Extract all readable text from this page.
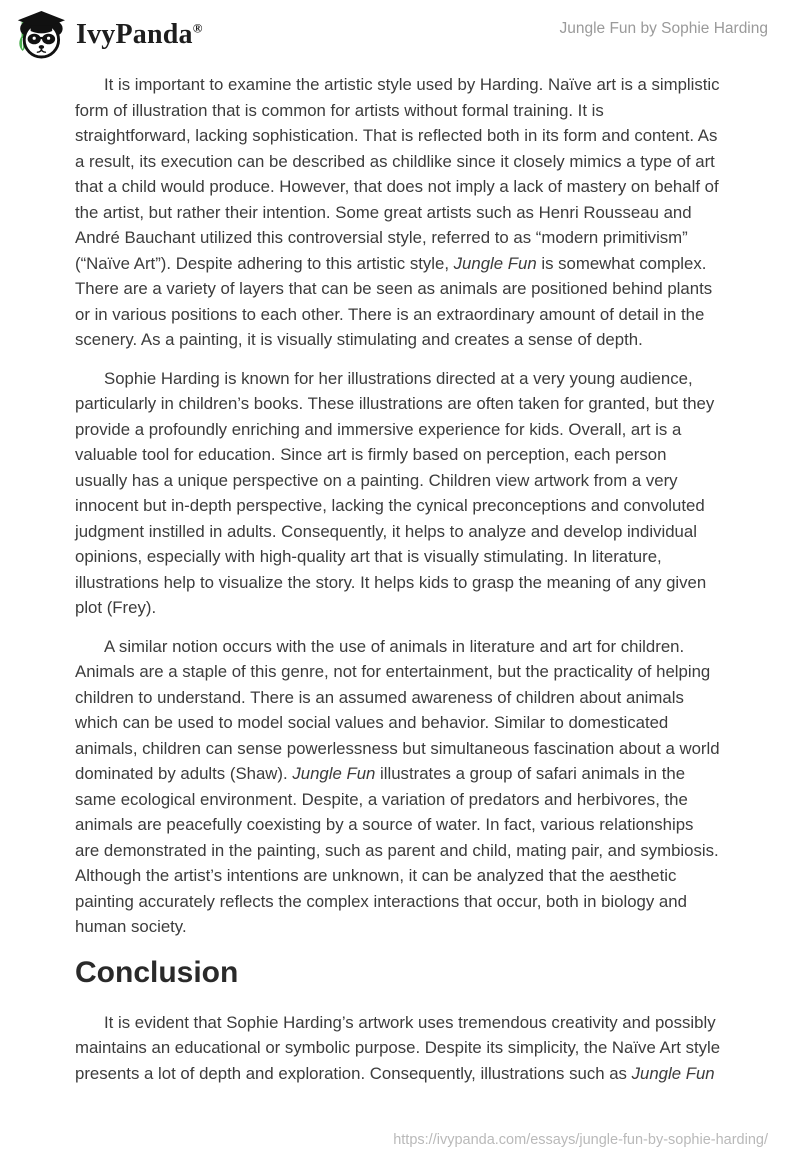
IvyPanda®	Jungle Fun by Sophie Harding

It is important to examine the artistic style used by Harding. Naïve art is a simplistic form of illustration that is common for artists without formal training. It is straightforward, lacking sophistication. That is reflected both in its form and content. As a result, its execution can be described as childlike since it closely mimics a type of art that a child would produce. However, that does not imply a lack of mastery on behalf of the artist, but rather their intention. Some great artists such as Henri Rousseau and André Bauchant utilized this controversial style, referred to as “modern primitivism” (“Naïve Art”). Despite adhering to this artistic style, Jungle Fun is somewhat complex. There are a variety of layers that can be seen as animals are positioned behind plants or in various positions to each other. There is an extraordinary amount of detail in the scenery. As a painting, it is visually stimulating and creates a sense of depth.

Sophie Harding is known for her illustrations directed at a very young audience, particularly in children’s books. These illustrations are often taken for granted, but they provide a profoundly enriching and immersive experience for kids. Overall, art is a valuable tool for education. Since art is firmly based on perception, each person usually has a unique perspective on a painting. Children view artwork from a very innocent but in-depth perspective, lacking the cynical preconceptions and convoluted judgment instilled in adults. Consequently, it helps to analyze and develop individual opinions, especially with high-quality art that is visually stimulating. In literature, illustrations help to visualize the story. It helps kids to grasp the meaning of any given plot (Frey).

A similar notion occurs with the use of animals in literature and art for children. Animals are a staple of this genre, not for entertainment, but the practicality of helping children to understand. There is an assumed awareness of children about animals which can be used to model social values and behavior. Similar to domesticated animals, children can sense powerlessness but simultaneous fascination about a world dominated by adults (Shaw). Jungle Fun illustrates a group of safari animals in the same ecological environment. Despite, a variation of predators and herbivores, the animals are peacefully coexisting by a source of water. In fact, various relationships are demonstrated in the painting, such as parent and child, mating pair, and symbiosis. Although the artist’s intentions are unknown, it can be analyzed that the aesthetic painting accurately reflects the complex interactions that occur, both in biology and human society.

Conclusion

It is evident that Sophie Harding’s artwork uses tremendous creativity and possibly maintains an educational or symbolic purpose. Despite its simplicity, the Naïve Art style presents a lot of depth and exploration. Consequently, illustrations such as Jungle Fun

https://ivypanda.com/essays/jungle-fun-by-sophie-harding/
